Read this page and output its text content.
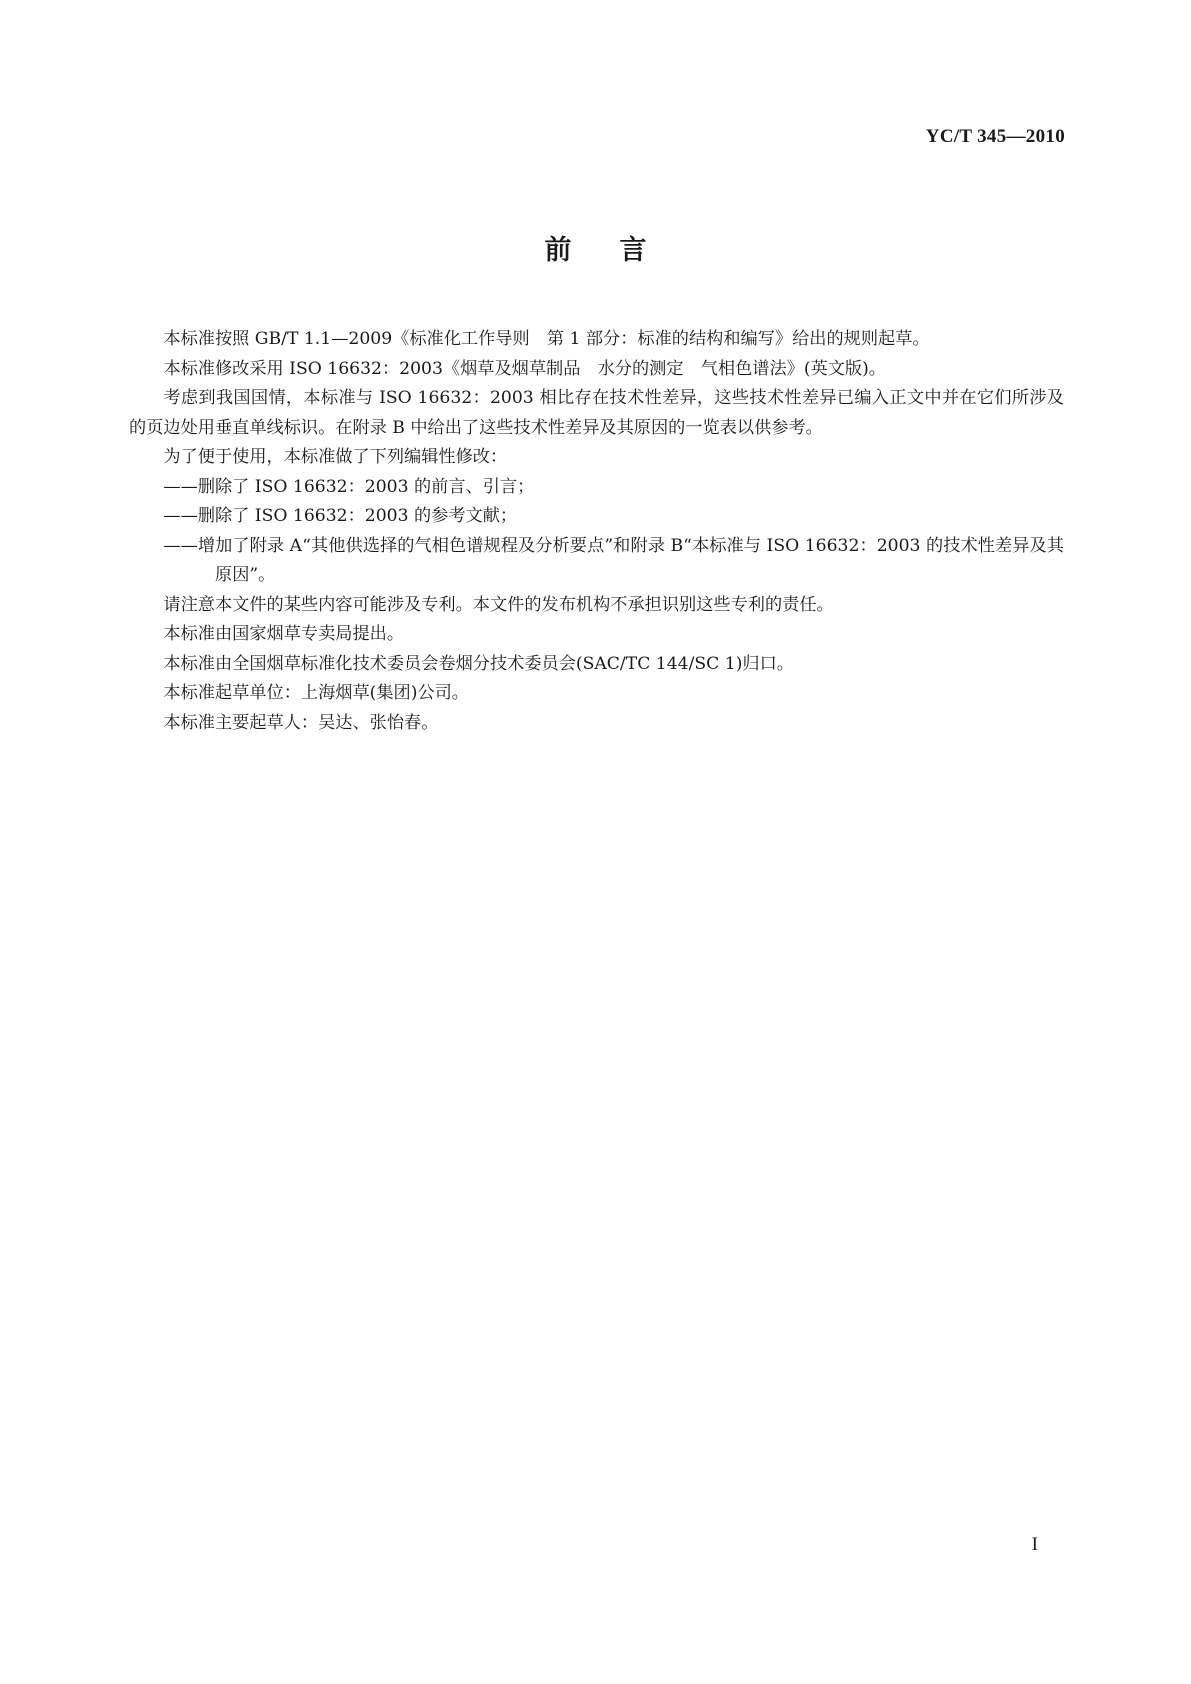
YC/T 345—2010
前言

本标准按照 GB/T 1.1—2009《标准化工作导则　第 1 部分：标准的结构和编写》给出的规则起草。

本标准修改采用 ISO 16632：2003《烟草及烟草制品　水分的测定　气相色谱法》(英文版)。

考虑到我国国情，本标准与 ISO 16632：2003 相比存在技术性差异，这些技术性差异已编入正文中并在它们所涉及的页边处用垂直单线标识。在附录 B 中给出了这些技术性差异及其原因的一览表以供参考。

为了便于使用，本标准做了下列编辑性修改：

——删除了 ISO 16632：2003 的前言、引言；

——删除了 ISO 16632：2003 的参考文献；

——增加了附录 A“其他供选择的气相色谱规程及分析要点”和附录 B“本标准与 ISO 16632：2003 的技术性差异及其原因”。

请注意本文件的某些内容可能涉及专利。本文件的发布机构不承担识别这些专利的责任。

本标准由国家烟草专卖局提出。

本标准由全国烟草标准化技术委员会卷烟分技术委员会(SAC/TC 144/SC 1)归口。

本标准起草单位：上海烟草(集团)公司。

本标准主要起草人：吴达、张怡春。

I
